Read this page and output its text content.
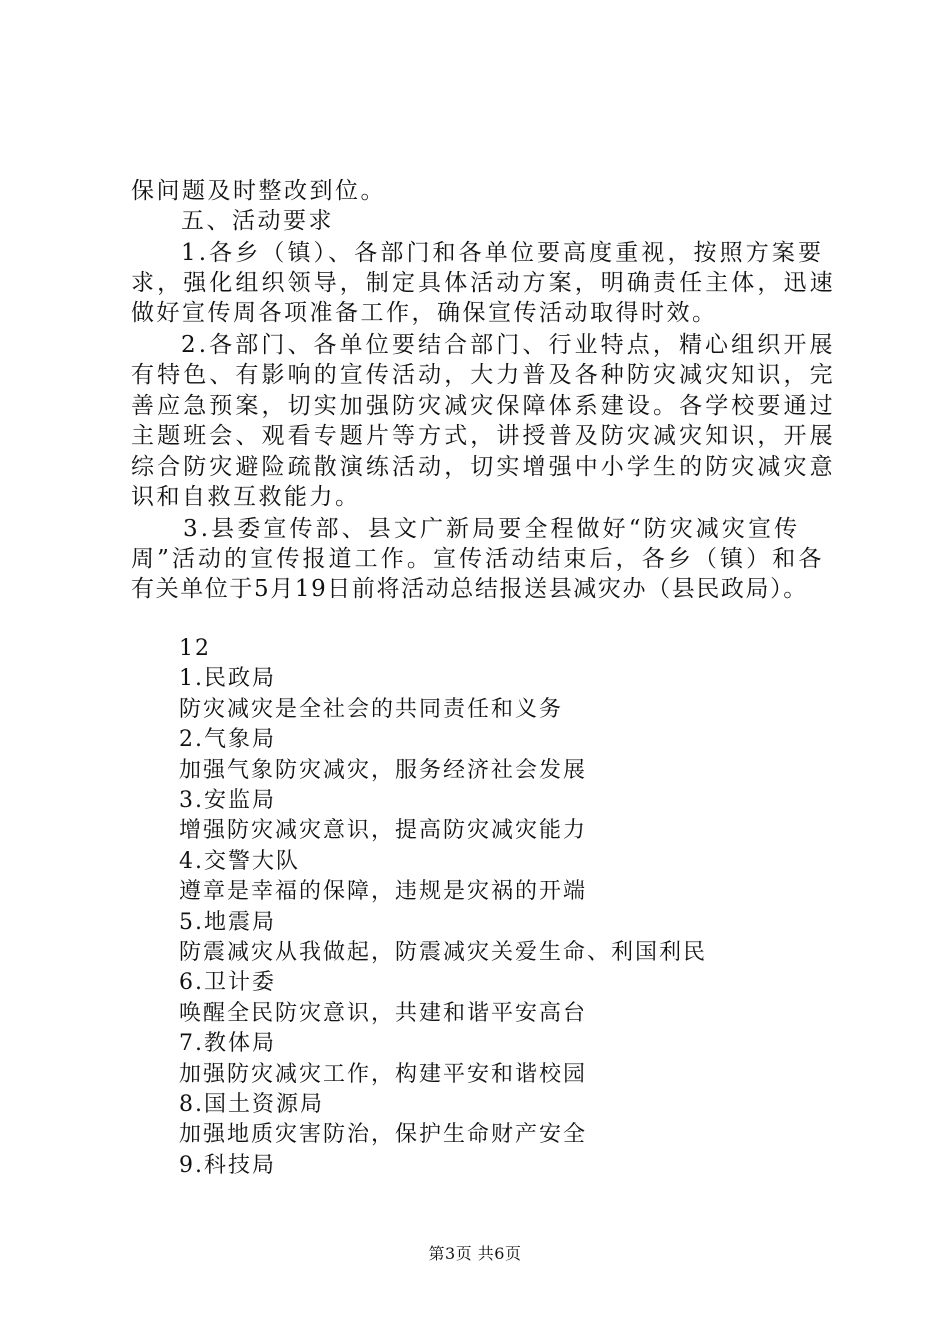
保问题及时整改到位。
五、活动要求
1.各乡（镇）、各部门和各单位要高度重视，按照方案要
求，强化组织领导，制定具体活动方案，明确责任主体，迅速
做好宣传周各项准备工作，确保宣传活动取得时效。
2.各部门、各单位要结合部门、行业特点，精心组织开展
有特色、有影响的宣传活动，大力普及各种防灾减灾知识，完
善应急预案，切实加强防灾减灾保障体系建设。各学校要通过
主题班会、观看专题片等方式，讲授普及防灾减灾知识，开展
综合防灾避险疏散演练活动，切实增强中小学生的防灾减灾意
识和自救互救能力。
3.县委宣传部、县文广新局要全程做好“防灾减灾宣传
周”活动的宣传报道工作。宣传活动结束后，各乡（镇）和各
有关单位于5月19日前将活动总结报送县减灾办（县民政局）。
12
1.民政局
防灾减灾是全社会的共同责任和义务
2.气象局
加强气象防灾减灾，服务经济社会发展
3.安监局
增强防灾减灾意识，提高防灾减灾能力
4.交警大队
遵章是幸福的保障，违规是灾祸的开端
5.地震局
防震减灾从我做起，防震减灾关爱生命、利国利民
6.卫计委
唤醒全民防灾意识，共建和谐平安高台
7.教体局
加强防灾减灾工作，构建平安和谐校园
8.国土资源局
加强地质灾害防治，保护生命财产安全
9.科技局
第3页 共6页
